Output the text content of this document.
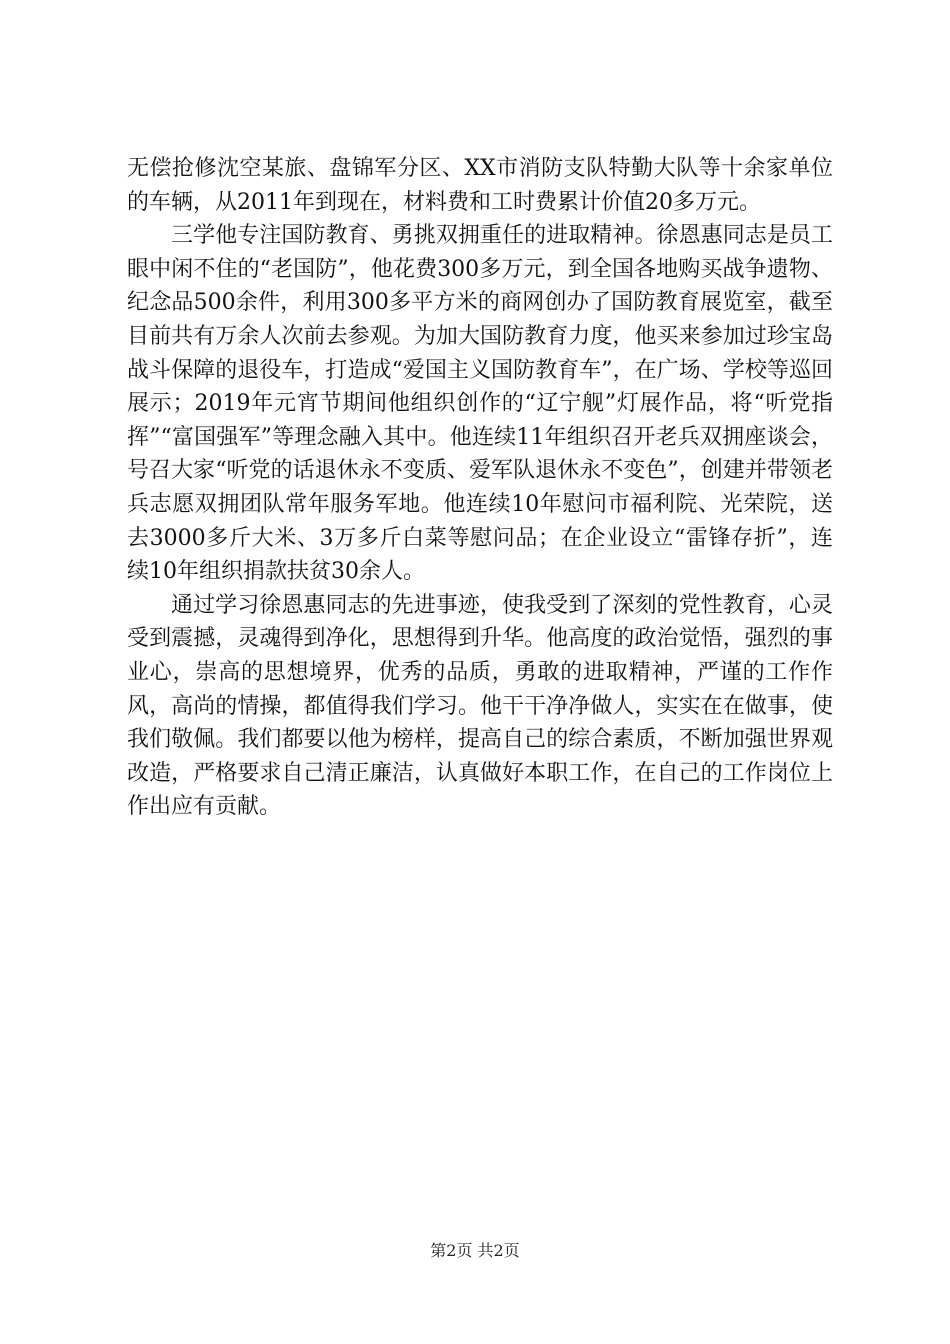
无偿抢修沈空某旅、盘锦军分区、XX市消防支队特勤大队等十余家单位的车辆，从2011年到现在，材料费和工时费累计价值20多万元。

三学他专注国防教育、勇挑双拥重任的进取精神。徐恩惠同志是员工眼中闲不住的“老国防”，他花费300多万元，到全国各地购买战争遗物、纪念品500余件，利用300多平方米的商网创办了国防教育展览室，截至目前共有万余人次前去参观。为加大国防教育力度，他买来参加过珍宝岛战斗保障的退役车，打造成“爱国主义国防教育车”，在广场、学校等巡回展示；2019年元宵节期间他组织创作的“辽宁舰”灯展作品，将“听党指挥”“富国强军”等理念融入其中。他连续11年组织召开老兵双拥座谈会，号召大家“听党的话退休永不变质、爱军队退休永不变色”，创建并带领老兵志愿双拥团队常年服务军地。他连续10年慰问市福利院、光荣院，送去3000多斤大米、3万多斤白菜等慰问品；在企业设立“雷锋存折”，连续10年组织捐款扶贫30余人。

通过学习徐恩惠同志的先进事迹，使我受到了深刻的党性教育，心灵受到震撼，灵魂得到净化，思想得到升华。他高度的政治觉悟，强烈的事业心，崇高的思想境界，优秀的品质，勇敢的进取精神，严谨的工作作风，高尚的情操，都值得我们学习。他干干净净做人，实实在在做事，使我们敬佩。我们都要以他为榜样，提高自己的综合素质，不断加强世界观改造，严格要求自己清正廉洁，认真做好本职工作，在自己的工作岗位上作出应有贡献。

第2页 共2页
